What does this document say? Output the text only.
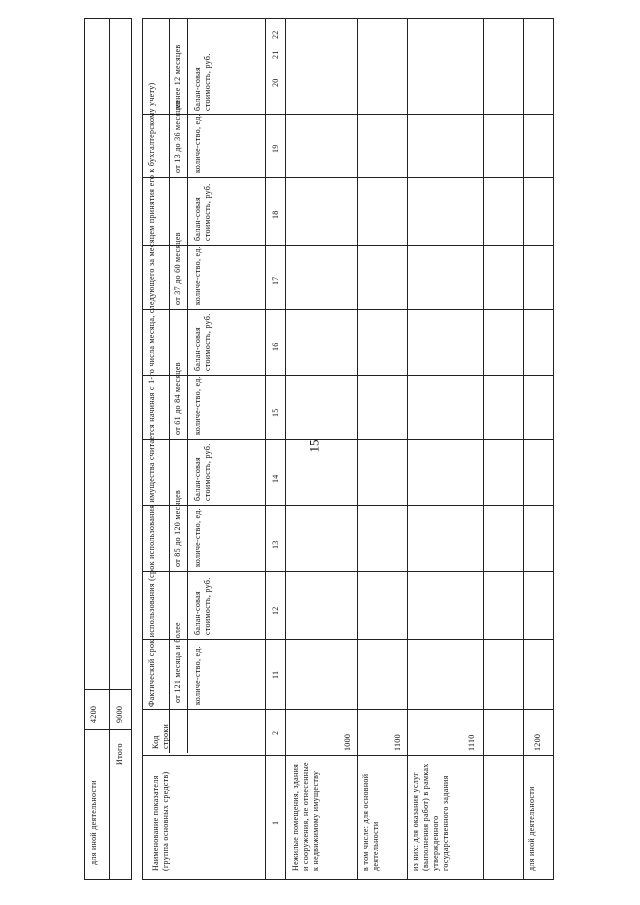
15
для иной деятельности
4200
Итого
9000
Наименование показателя (группа основных средств)
Код строки
Фактический срок использования (срок использования имущества считается начиная с 1-го числа месяца, следующего за месяцем принятия его к бухгалтерскому учету) от 121 месяца и более
от 85 до 120 месяцев
от 61 до 84 месяцев
от 37 до 60 месяцев
от 13 до 36 месяцев
менее 12 месяцев
количе-ство, ед.
балан-совая стоимость, руб.
количе-ство, ед.
балан-совая стоимость, руб.
количе-ство, ед.
балан-совая стоимость, руб.
количе-ство, ед.
балан-совая стоимость, руб.
количе-ство, ед.
балан-совая стоимость, руб.
1
2
11
12
13
14
15
16
17
18
19
20
21
22
Нежилые помещения, здания и сооружения, не отнесенные к недвижимому имуществу
1000
в том числе: для основной деятельности
1100
из них: для оказания услуг (выполнения работ) в рамках утвержденного государственного задания
1110
для иной деятельности
1200
